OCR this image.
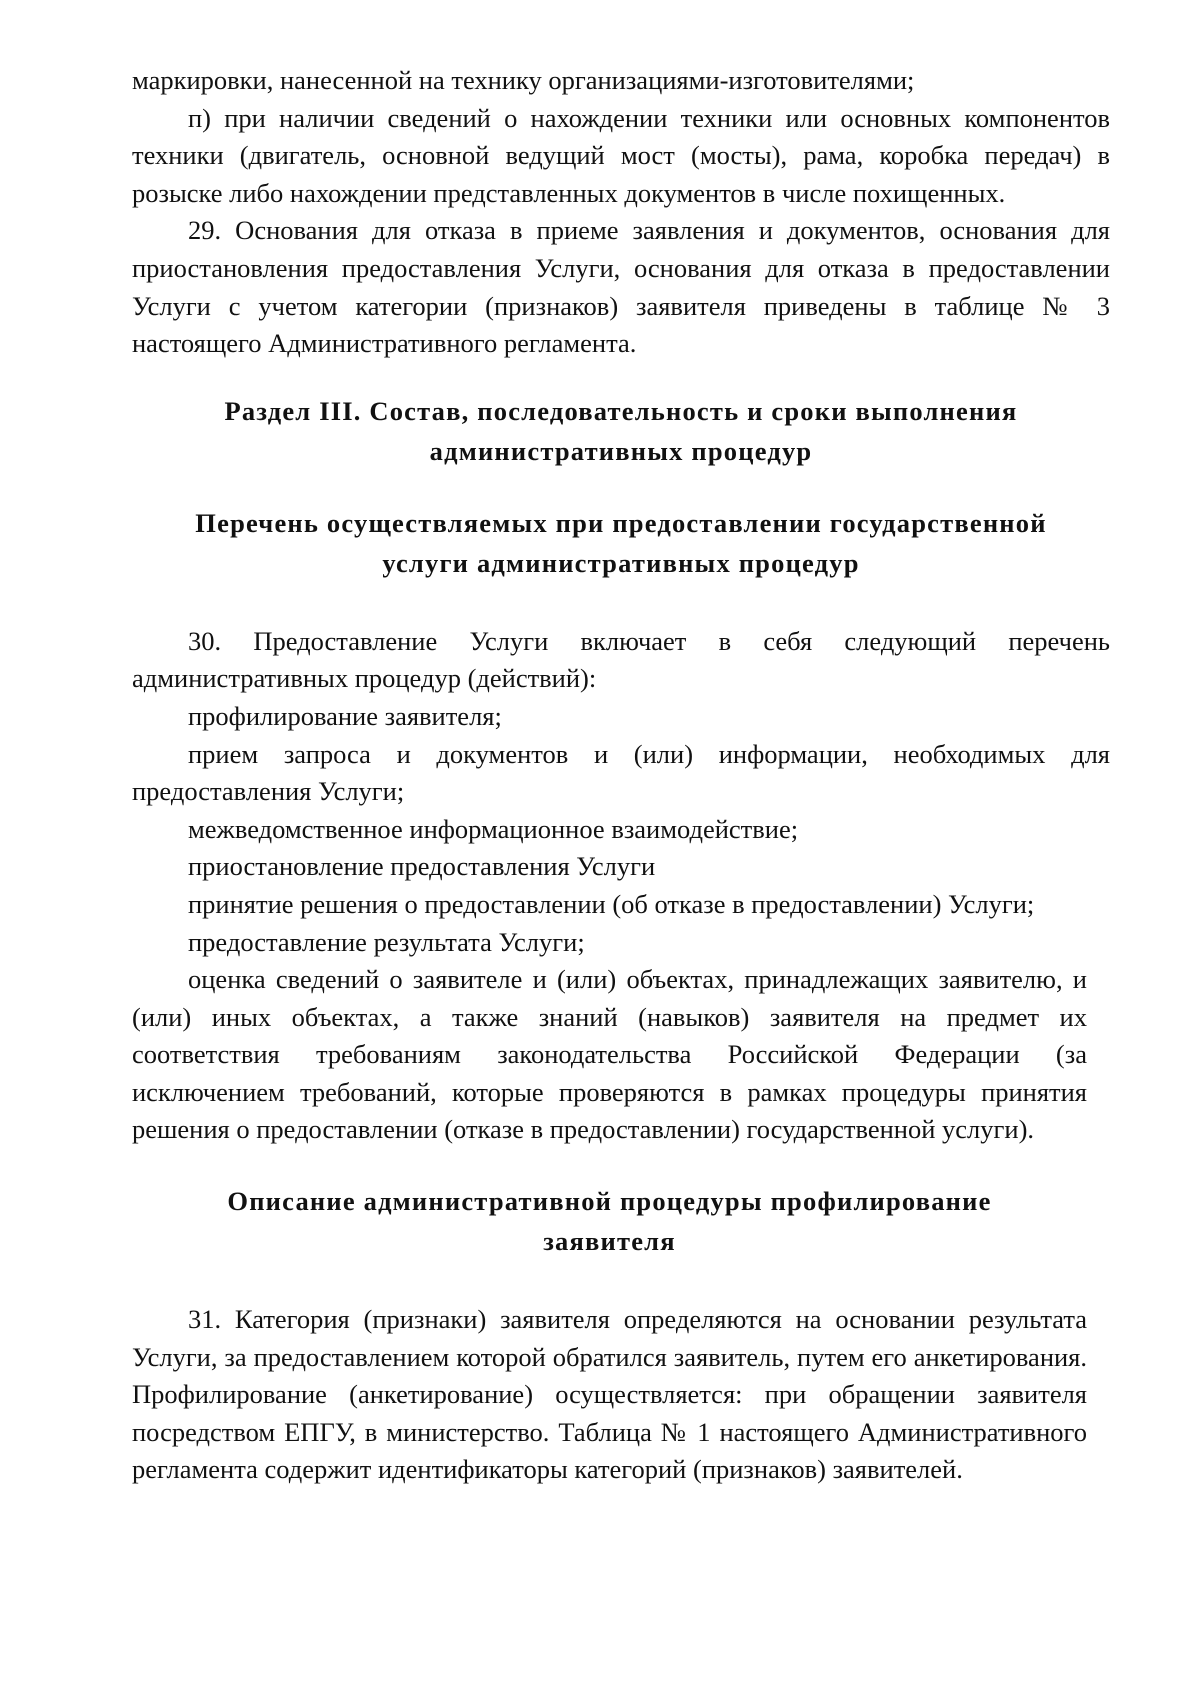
маркировки, нанесенной на технику организациями-изготовителями;

п) при наличии сведений о нахождении техники или основных компонентов техники (двигатель, основной ведущий мост (мосты), рама, коробка передач) в розыске либо нахождении представленных документов в числе похищенных.

29. Основания для отказа в приеме заявления и документов, основания для приостановления предоставления Услуги, основания для отказа в предоставлении Услуги с учетом категории (признаков) заявителя приведены в таблице № 3 настоящего Административного регламента.

Раздел III. Состав, последовательность и сроки выполнения

административных процедур

Перечень осуществляемых при предоставлении государственной

услуги административных процедур

30. Предоставление Услуги включает в себя следующий перечень административных процедур (действий):

профилирование заявителя;

прием запроса и документов и (или) информации, необходимых для предоставления Услуги;

межведомственное информационное взаимодействие;

приостановление предоставления Услуги

принятие решения о предоставлении (об отказе в предоставлении) Услуги;

предоставление результата Услуги;

оценка сведений о заявителе и (или) объектах, принадлежащих заявителю, и (или) иных объектах, а также знаний (навыков) заявителя на предмет их соответствия требованиям законодательства Российской Федерации (за исключением требований, которые проверяются в рамках процедуры принятия решения о предоставлении (отказе в предоставлении) государственной услуги).

Описание административной процедуры профилирование

заявителя

31. Категория (признаки) заявителя определяются на основании результата Услуги, за предоставлением которой обратился заявитель, путем его анкетирования. Профилирование (анкетирование) осуществляется: при обращении заявителя посредством ЕПГУ, в министерство. Таблица № 1 настоящего Административного регламента содержит идентификаторы категорий (признаков) заявителей.
